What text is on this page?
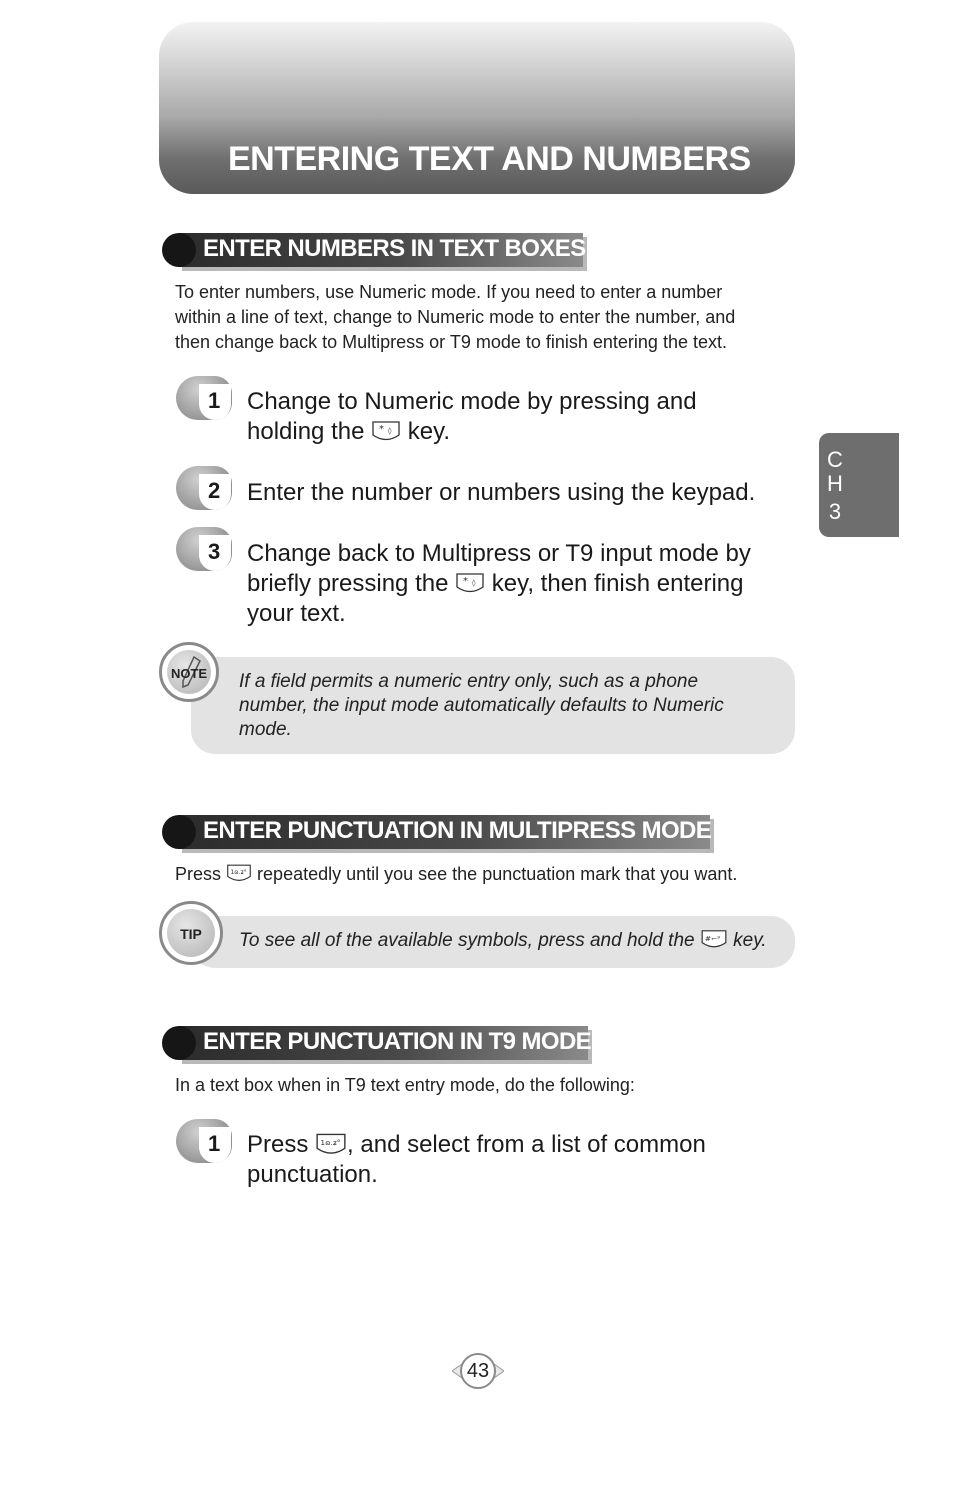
ENTERING TEXT AND NUMBERS
C
H
3
ENTER NUMBERS IN TEXT BOXES
To enter numbers, use Numeric mode. If you need to enter a number
within a line of text, change to Numeric mode to enter the number, and
then change back to Multipress or T9 mode to finish entering the text.
1 Change to Numeric mode by pressing and
holding the * ◊ key.
2 Enter the number or numbers using the keypad.
3 Change back to Multipress or T9 input mode by
briefly pressing the * ◊ key, then finish entering
your text.
NOTE	If a field permits a numeric entry only, such as a phone
number, the input mode automatically defaults to Numeric
mode.
ENTER PUNCTUATION IN MULTIPRESS MODE
Press 1ɷ.ʑ° repeatedly until you see the punctuation mark that you want.
TIP	To see all of the available symbols, press and hold the #⌐⁹ key.
ENTER PUNCTUATION IN T9 MODE
In a text box when in T9 text entry mode, do the following:
1 Press 1ɷ.ʑ° , and select from a list of common
punctuation.
43
